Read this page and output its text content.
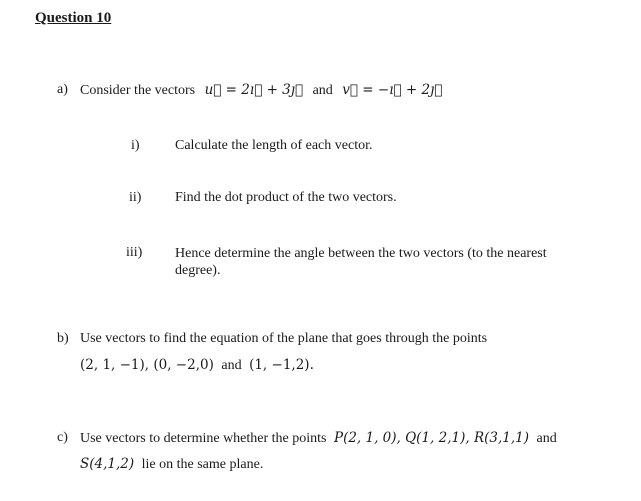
Question 10
a) Consider the vectors u⃗ = 2ı⃗ + 3ȷ⃗ and v⃗ = −ı⃗ + 2ȷ⃗
i)	Calculate the length of each vector.
ii) Find the dot product of the two vectors.
iii) Hence determine the angle between the two vectors (to the nearest degree).
b) Use vectors to find the equation of the plane that goes through the points
(2, 1, −1), (0, −2,0) and (1, −1,2).
c) Use vectors to determine whether the points P(2, 1, 0), Q(1, 2,1), R(3,1,1) and
S(4,1,2) lie on the same plane.
